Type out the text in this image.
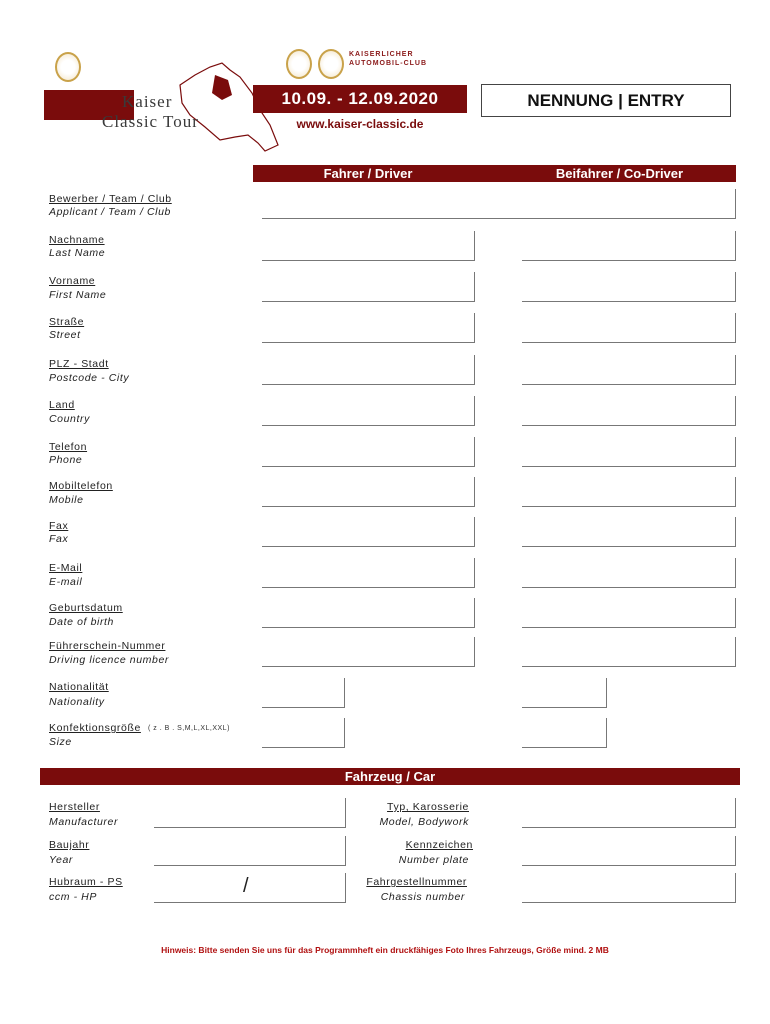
Kaiser
Classic Tour
KAISERLICHER
AUTOMOBIL-CLUB
10.09. - 12.09.2020
www.kaiser-classic.de
NENNUNG | ENTRY
Fahrer / Driver	Beifahrer / Co-Driver
Bewerber / Team / Club
Applicant / Team / Club
Nachname
Last Name
Vorname
First Name
Straße
Street
PLZ - Stadt
Postcode - City
Land
Country
Telefon
Phone
Mobiltelefon
Mobile
Fax
Fax
E-Mail
E-mail
Geburtsdatum
Date of birth
Führerschein-Nummer
Driving licence number
Nationalität
Nationality
Konfektionsgröße ( z . B . S,M,L,XL,XXL)
Size
Fahrzeug / Car
Hersteller
Manufacturer
Baujahr
Year
Hubraum - PS
ccm - HP	/
Typ, Karosserie
Model, Bodywork
Kennzeichen
Number plate
Fahrgestellnummer
Chassis number
Hinweis: Bitte senden Sie uns für das Programmheft ein druckfähiges Foto Ihres Fahrzeugs, Größe mind. 2 MB
